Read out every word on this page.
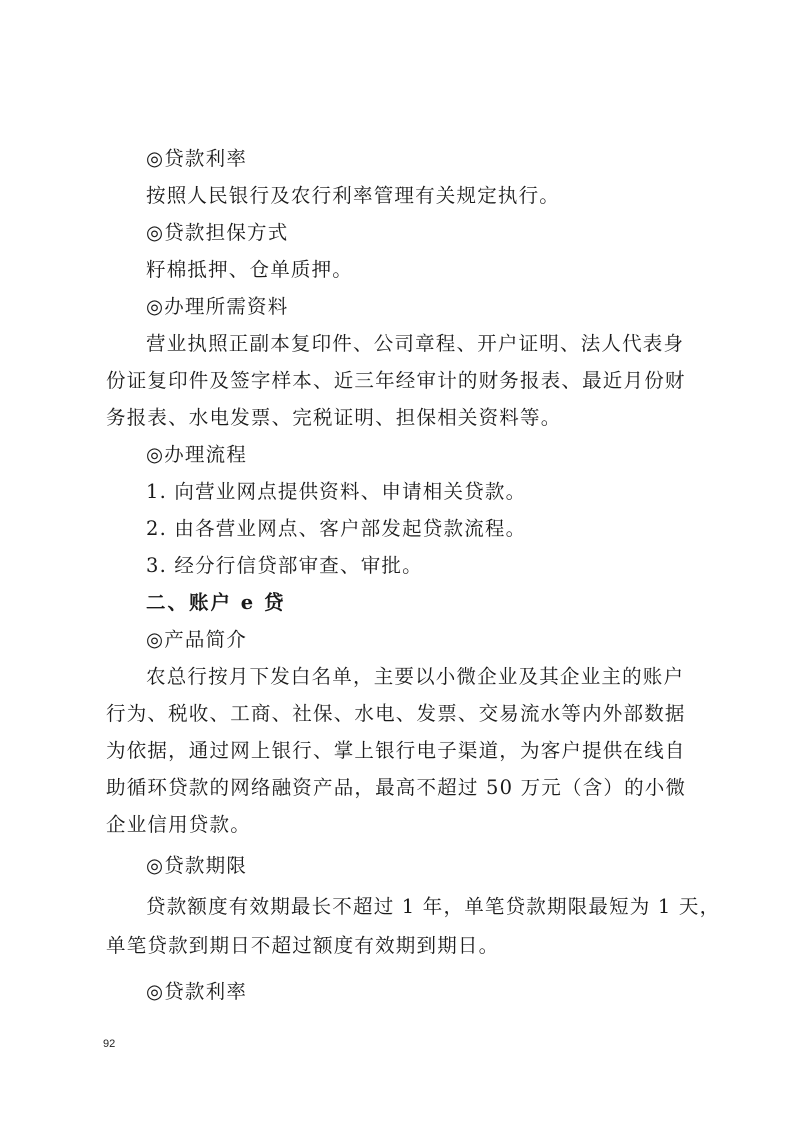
◎贷款利率
按照人民银行及农行利率管理有关规定执行。
◎贷款担保方式
籽棉抵押、仓单质押。
◎办理所需资料
营业执照正副本复印件、公司章程、开户证明、法人代表身
份证复印件及签字样本、近三年经审计的财务报表、最近月份财
务报表、水电发票、完税证明、担保相关资料等。
◎办理流程
1. 向营业网点提供资料、申请相关贷款。
2. 由各营业网点、客户部发起贷款流程。
3. 经分行信贷部审查、审批。
二、账户 e 贷
◎产品简介
农总行按月下发白名单，主要以小微企业及其企业主的账户
行为、税收、工商、社保、水电、发票、交易流水等内外部数据
为依据，通过网上银行、掌上银行电子渠道，为客户提供在线自
助循环贷款的网络融资产品，最高不超过 50 万元（含）的小微
企业信用贷款。
◎贷款期限
贷款额度有效期最长不超过 1 年，单笔贷款期限最短为 1 天，
单笔贷款到期日不超过额度有效期到期日。
◎贷款利率
92
